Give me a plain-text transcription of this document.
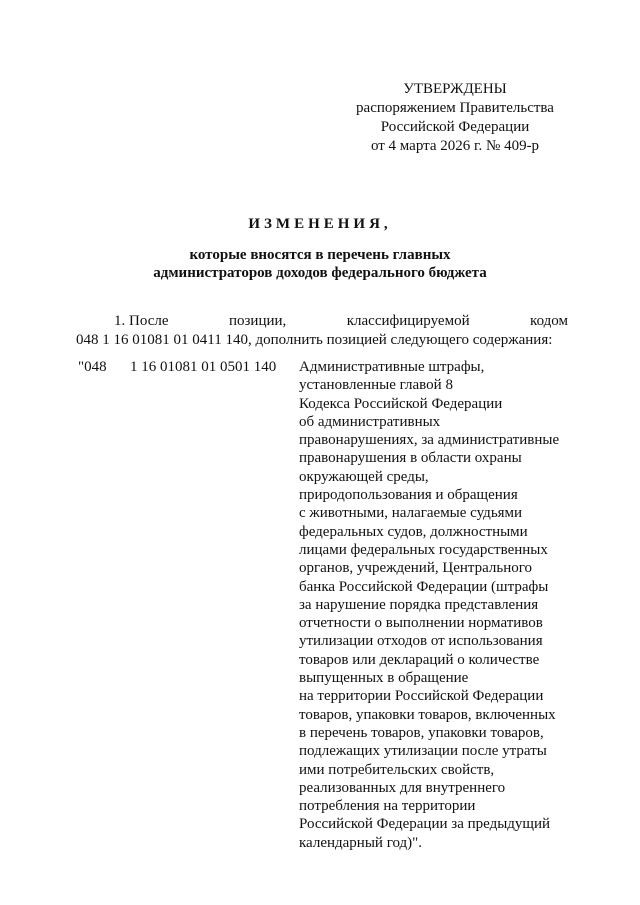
УТВЕРЖДЕНЫ
распоряжением Правительства
Российской Федерации
от 4 марта 2026 г. № 409-р
ИЗМЕНЕНИЯ,
которые вносятся в перечень главных
администраторов доходов федерального бюджета
1. После	позиции,	классифицируемой	кодом
048 1 16 01081 01 0411 140, дополнить позицией следующего содержания:
"048 1 16 01081 01 0501 140 Административные штрафы,
установленные главой 8
Кодекса Российской Федерации
об административных
правонарушениях, за административные
правонарушения в области охраны
окружающей среды,
природопользования и обращения
с животными, налагаемые судьями
федеральных судов, должностными
лицами федеральных государственных
органов, учреждений, Центрального
банка Российской Федерации (штрафы
за нарушение порядка представления
отчетности о выполнении нормативов
утилизации отходов от использования
товаров или деклараций о количестве
выпущенных в обращение
на территории Российской Федерации
товаров, упаковки товаров, включенных
в перечень товаров, упаковки товаров,
подлежащих утилизации после утраты
ими потребительских свойств,
реализованных для внутреннего
потребления на территории
Российской Федерации за предыдущий
календарный год)".
